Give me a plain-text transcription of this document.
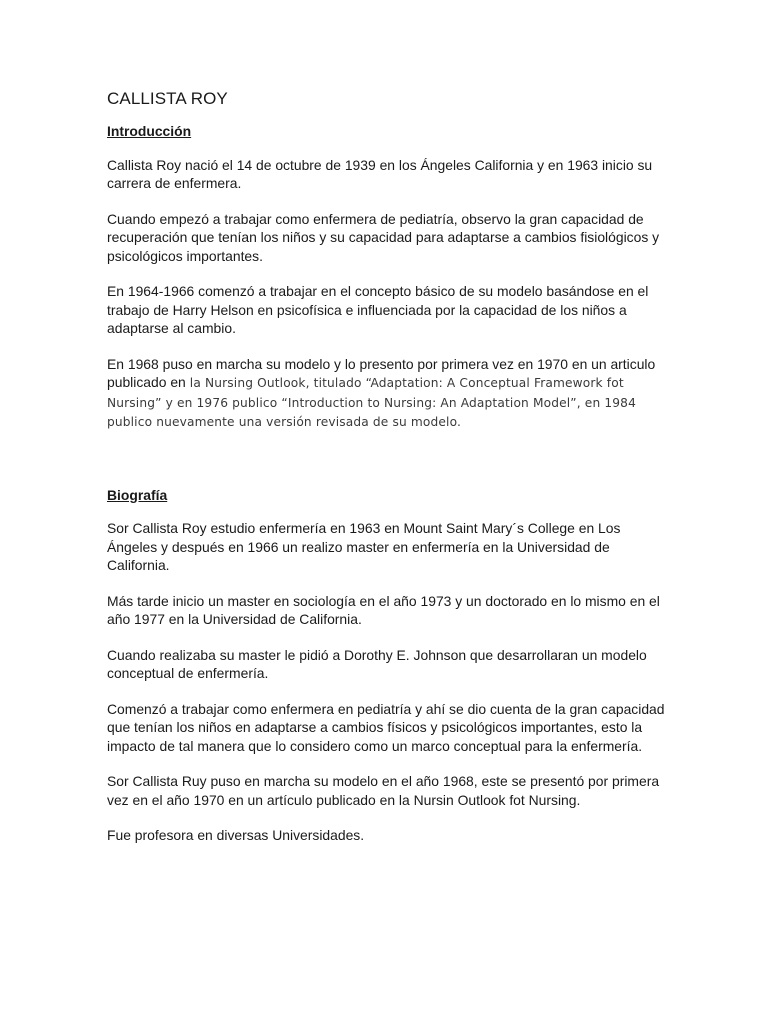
CALLISTA ROY
Introducción

Callista Roy nació el 14 de octubre de 1939 en los Ángeles California y en 1963 inicio su carrera de enfermera.

Cuando empezó a trabajar como enfermera de pediatría, observo la gran capacidad de recuperación que tenían los niños y su capacidad para adaptarse a cambios fisiológicos y psicológicos importantes.

En 1964-1966 comenzó a trabajar en el concepto básico de su modelo basándose en el trabajo de Harry Helson en psicofísica e influenciada por la capacidad de los niños a adaptarse al cambio.

En 1968 puso en marcha su modelo y lo presento por primera vez en 1970 en un articulo publicado en la Nursing Outlook, titulado “Adaptation: A Conceptual Framework fot Nursing” y en 1976 publico “Introduction to Nursing: An Adaptation Model”, en 1984 publico nuevamente una versión revisada de su modelo.

Biografía

Sor Callista Roy estudio enfermería en 1963 en Mount Saint Mary´s College en Los Ángeles y después en 1966 un realizo master en enfermería en la Universidad de California.

Más tarde inicio un master en sociología en el año 1973 y un doctorado en lo mismo en el año 1977 en la Universidad de California.

Cuando realizaba su master le pidió a Dorothy E. Johnson que desarrollaran un modelo conceptual de enfermería.

Comenzó a trabajar como enfermera en pediatría y ahí se dio cuenta de la gran capacidad que tenían los niños en adaptarse a cambios físicos y psicológicos importantes, esto la impacto de tal manera que lo considero como un marco conceptual para la enfermería.

Sor Callista Ruy puso en marcha su modelo en el año 1968, este se presentó por primera vez en el año 1970 en un artículo publicado en la Nursin Outlook fot Nursing.

Fue profesora en diversas Universidades.
